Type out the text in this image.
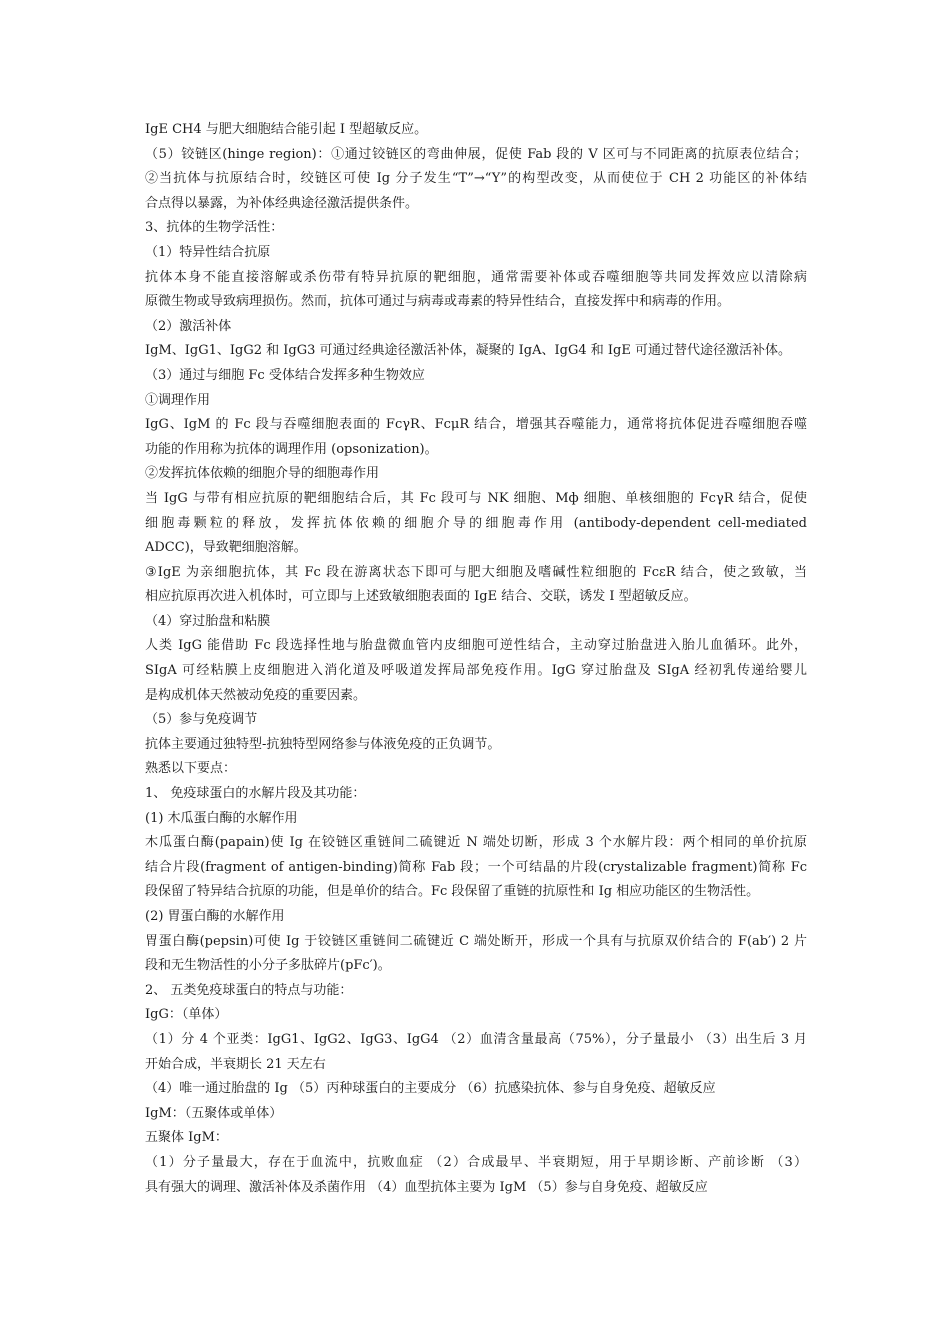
IgE CH4 与肥大细胞结合能引起 I 型超敏反应。

（5）铰链区(hinge region)：①通过铰链区的弯曲伸展，促使 Fab 段的 V 区可与不同距离的抗原表位结合；

②当抗体与抗原结合时，绞链区可使 Ig 分子发生“T”→“Y”的构型改变，从而使位于 CH 2 功能区的补体结

合点得以暴露，为补体经典途径激活提供条件。

3、抗体的生物学活性：

（1）特异性结合抗原

抗体本身不能直接溶解或杀伤带有特异抗原的靶细胞，通常需要补体或吞噬细胞等共同发挥效应以清除病

原微生物或导致病理损伤。然而，抗体可通过与病毒或毒素的特异性结合，直接发挥中和病毒的作用。

（2）激活补体

IgM、IgG1、IgG2 和 IgG3 可通过经典途径激活补体，凝聚的 IgA、IgG4 和 IgE 可通过替代途径激活补体。

（3）通过与细胞 Fc 受体结合发挥多种生物效应

①调理作用

IgG、IgM 的 Fc 段与吞噬细胞表面的 FcγR、FcμR 结合，增强其吞噬能力，通常将抗体促进吞噬细胞吞噬

功能的作用称为抗体的调理作用 (opsonization)。

②发挥抗体依赖的细胞介导的细胞毒作用

当 IgG 与带有相应抗原的靶细胞结合后，其 Fc 段可与 NK 细胞、Mф 细胞、单核细胞的 FcγR 结合，促使

细胞毒颗粒的释放，发挥抗体依赖的细胞介导的细胞毒作用 (antibody-dependent cell-mediated

ADCC)，导致靶细胞溶解。

③IgE 为亲细胞抗体，其 Fc 段在游离状态下即可与肥大细胞及嗜碱性粒细胞的 FcεR 结合，使之致敏，当

相应抗原再次进入机体时，可立即与上述致敏细胞表面的 IgE 结合、交联，诱发 I 型超敏反应。

（4）穿过胎盘和粘膜

人类 IgG 能借助 Fc 段选择性地与胎盘微血管内皮细胞可逆性结合，主动穿过胎盘进入胎儿血循环。此外，

SIgA 可经粘膜上皮细胞进入消化道及呼吸道发挥局部免疫作用。IgG 穿过胎盘及 SIgA 经初乳传递给婴儿

是构成机体天然被动免疫的重要因素。

（5）参与免疫调节

抗体主要通过独特型-抗独特型网络参与体液免疫的正负调节。

熟悉以下要点：

1、 免疫球蛋白的水解片段及其功能：

(1) 木瓜蛋白酶的水解作用

木瓜蛋白酶(papain)使 Ig 在铰链区重链间二硫键近 N 端处切断，形成 3 个水解片段：两个相同的单价抗原

结合片段(fragment of antigen-binding)简称 Fab 段；一个可结晶的片段(crystalizable fragment)简称 Fc

段保留了特异结合抗原的功能，但是单价的结合。Fc 段保留了重链的抗原性和 Ig 相应功能区的生物活性。

(2) 胃蛋白酶的水解作用

胃蛋白酶(pepsin)可使 Ig 于铰链区重链间二硫键近 C 端处断开，形成一个具有与抗原双价结合的 F(ab′) 2 片

段和无生物活性的小分子多肽碎片(pFc′)。

2、 五类免疫球蛋白的特点与功能：

IgG：（单体）

（1）分 4 个亚类：IgG1、IgG2、IgG3、IgG4 （2）血清含量最高（75%），分子量最小 （3）出生后 3 月

开始合成，半衰期长 21 天左右

（4）唯一通过胎盘的 Ig （5）丙种球蛋白的主要成分 （6）抗感染抗体、参与自身免疫、超敏反应

IgM：（五聚体或单体）

五聚体 IgM：

（1）分子量最大，存在于血流中，抗败血症 （2）合成最早、半衰期短，用于早期诊断、产前诊断 （3）

具有强大的调理、激活补体及杀菌作用 （4）血型抗体主要为 IgM （5）参与自身免疫、超敏反应
